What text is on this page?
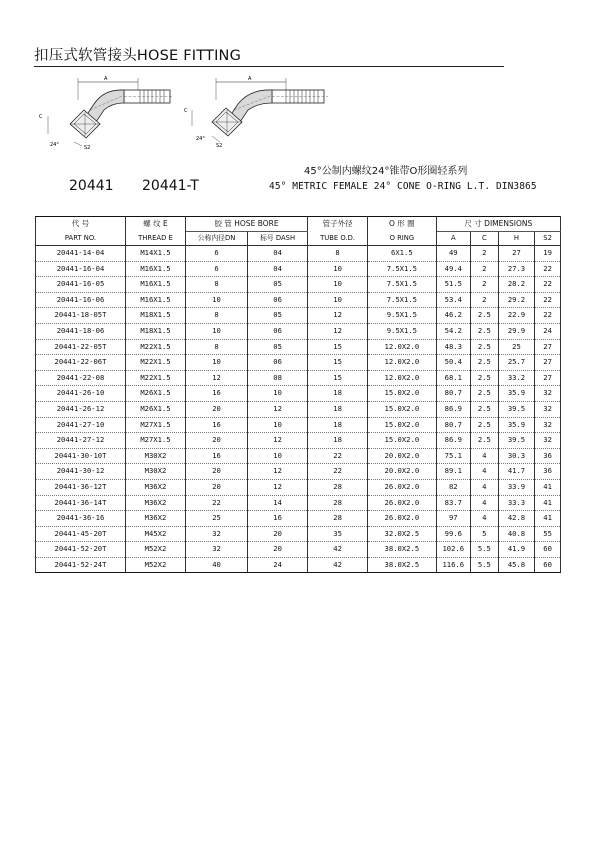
扣压式软管接头HOSE FITTING
A
C
24°	S2
A
C
24°
S2
20441 20441-T
45°公制内螺纹24°锥带O形圈轻系列
45° METRIC FEMALE 24° CONE O-RING L.T. DIN3865
代 号	螺 纹 E	胶 管 HOSE BORE		管子外径	O 形 圈	尺 寸 DIMENSIONS			
PART NO.	THREAD E	公称内径DN	标号 DASH	TUBE O.D.	O RING	A	C	H	S2
20441-14-04	M14X1.5	6	04	8	6X1.5	49	2	27	19
20441-16-04	M16X1.5	6	04	10	7.5X1.5	49.4	2	27.3	22
20441-16-05	M16X1.5	8	05	10	7.5X1.5	51.5	2	28.2	22
20441-16-06	M16X1.5	10	06	10	7.5X1.5	53.4	2	29.2	22
20441-18-05T	M18X1.5	8	05	12	9.5X1.5	46.2	2.5	22.9	22
20441-18-06	M18X1.5	10	06	12	9.5X1.5	54.2	2.5	29.9	24
20441-22-05T	M22X1.5	8	05	15	12.0X2.0	48.3	2.5	25	27
20441-22-06T	M22X1.5	10	06	15	12.0X2.0	50.4	2.5	25.7	27
20441-22-08	M22X1.5	12	08	15	12.0X2.0	68.1	2.5	33.2	27
20441-26-10	M26X1.5	16	10	18	15.0X2.0	80.7	2.5	35.9	32
20441-26-12	M26X1.5	20	12	18	15.0X2.0	86.9	2.5	39.5	32
20441-27-10	M27X1.5	16	10	18	15.0X2.0	80.7	2.5	35.9	32
20441-27-12	M27X1.5	20	12	18	15.0X2.0	86.9	2.5	39.5	32
20441-30-10T	M30X2	16	10	22	20.0X2.0	75.1	4	30.3	36
20441-30-12	M30X2	20	12	22	20.0X2.0	89.1	4	41.7	36
20441-36-12T	M36X2	20	12	28	26.0X2.0	82	4	33.9	41
20441-36-14T	M36X2	22	14	28	26.0X2.0	83.7	4	33.3	41
20441-36-16	M36X2	25	16	28	26.0X2.0	97	4	42.8	41
20441-45-20T	M45X2	32	20	35	32.0X2.5	99.6	5	40.8	55
20441-52-20T	M52X2	32	20	42	38.0X2.5	102.6	5.5	41.9	60
20441-52-24T	M52X2	40	24	42	38.0X2.5	116.6	5.5	45.8	60
